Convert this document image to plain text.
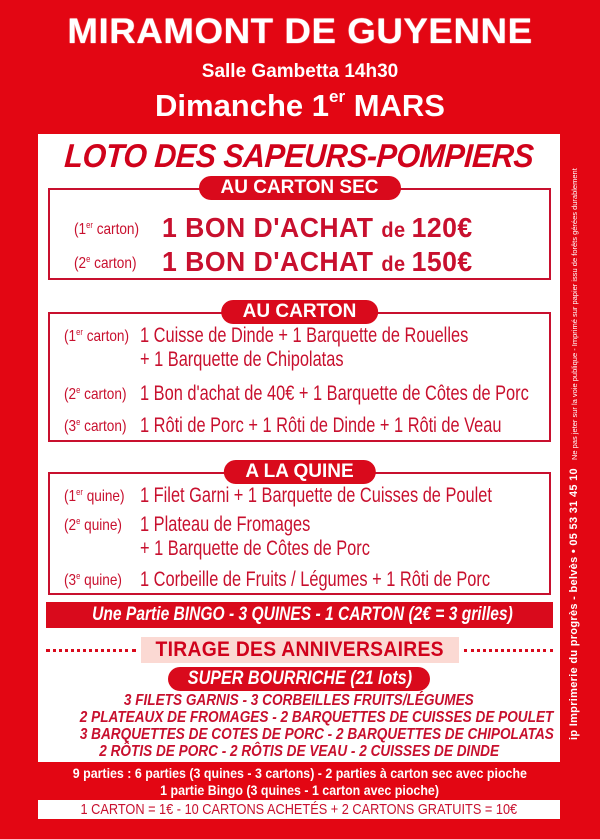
MIRAMONT DE GUYENNE
Salle Gambetta 14h30
Dimanche 1er MARS
LOTO DES SAPEURS-POMPIERS
AU CARTON SEC
(1er carton) 1 BON D'ACHAT de 120€
(2e carton) 1 BON D'ACHAT de 150€
AU CARTON
(1er carton) 1 Cuisse de Dinde + 1 Barquette de Rouelles
+ 1 Barquette de Chipolatas
(2e carton) 1 Bon d'achat de 40€ + 1 Barquette de Côtes de Porc
(3e carton) 1 Rôti de Porc + 1 Rôti de Dinde + 1 Rôti de Veau
A LA QUINE
(1er quine) 1 Filet Garni + 1 Barquette de Cuisses de Poulet
(2e quine) 1 Plateau de Fromages
+ 1 Barquette de Côtes de Porc
(3e quine) 1 Corbeille de Fruits / Légumes + 1 Rôti de Porc
Une Partie BINGO - 3 QUINES - 1 CARTON (2€ = 3 grilles)
TIRAGE DES ANNIVERSAIRES
SUPER BOURRICHE (21 lots)
3 FILETS GARNIS - 3 CORBEILLES FRUITS/LÉGUMES
2 PLATEAUX DE FROMAGES - 2 BARQUETTES DE CUISSES DE POULET
3 BARQUETTES DE COTES DE PORC - 2 BARQUETTES DE CHIPOLATAS
2 RÔTIS DE PORC - 2 RÔTIS DE VEAU - 2 CUISSES DE DINDE
9 parties : 6 parties (3 quines - 3 cartons) - 2 parties à carton sec avec pioche
1 partie Bingo (3 quines - 1 carton avec pioche)
1 CARTON = 1€ - 10 CARTONS ACHETÉS + 2 CARTONS GRATUITS = 10€
ip Imprimerie du progrès - belvès • 05 53 31 45 10Ne pas jeter sur la voie publique - Imprimé sur papier issu de forêts gérées durablement
